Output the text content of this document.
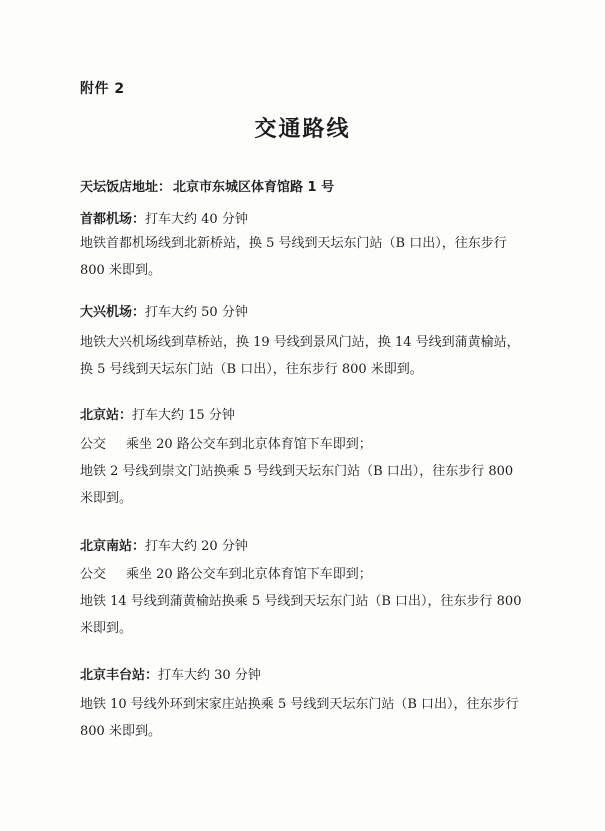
附件 2
交通路线
天坛饭店地址： 北京市东城区体育馆路 1 号
首都机场：打车大约 40 分钟
地铁首都机场线到北新桥站，换 5 号线到天坛东门站（B 口出），往东步行
800 米即到。
大兴机场：打车大约 50 分钟
地铁大兴机场线到草桥站，换 19 号线到景风门站，换 14 号线到蒲黄榆站，
换 5 号线到天坛东门站（B 口出），往东步行 800 米即到。
北京站：打车大约 15 分钟
公交 乘坐 20 路公交车到北京体育馆下车即到；
地铁 2 号线到崇文门站换乘 5 号线到天坛东门站（B 口出），往东步行 800
米即到。
北京南站：打车大约 20 分钟
公交 乘坐 20 路公交车到北京体育馆下车即到；
地铁 14 号线到蒲黄榆站换乘 5 号线到天坛东门站（B 口出），往东步行 800
米即到。
北京丰台站：打车大约 30 分钟
地铁 10 号线外环到宋家庄站换乘 5 号线到天坛东门站（B 口出），往东步行
800 米即到。
